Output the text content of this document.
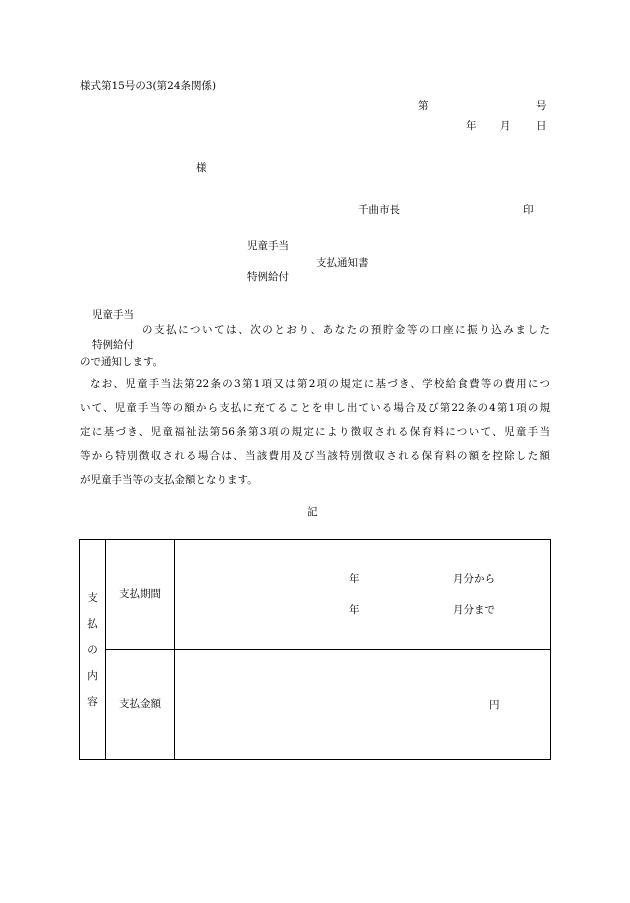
様式第15号の3(第24条関係)
第	号
年 月 日
様
千曲市長	印
児童手当
支払通知書
特例給付
児童手当
の支払については、次のとおり、あなたの預貯金等の口座に振り込みました
特例給付
ので通知します。

なお、児童手当法第22条の3第1項又は第2項の規定に基づき、学校給食費等の費用につ

いて、児童手当等の額から支払に充てることを申し出ている場合及び第22条の4第1項の規

定に基づき、児童福祉法第56条第3項の規定により徴収される保育料について、児童手当

等から特別徴収される場合は、当該費用及び当該特別徴収される保育料の額を控除した額

が児童手当等の支払金額となります。

記
支
払
の
内
容	支払期間	年 月分から
年 月分まで

	支払金額	円
